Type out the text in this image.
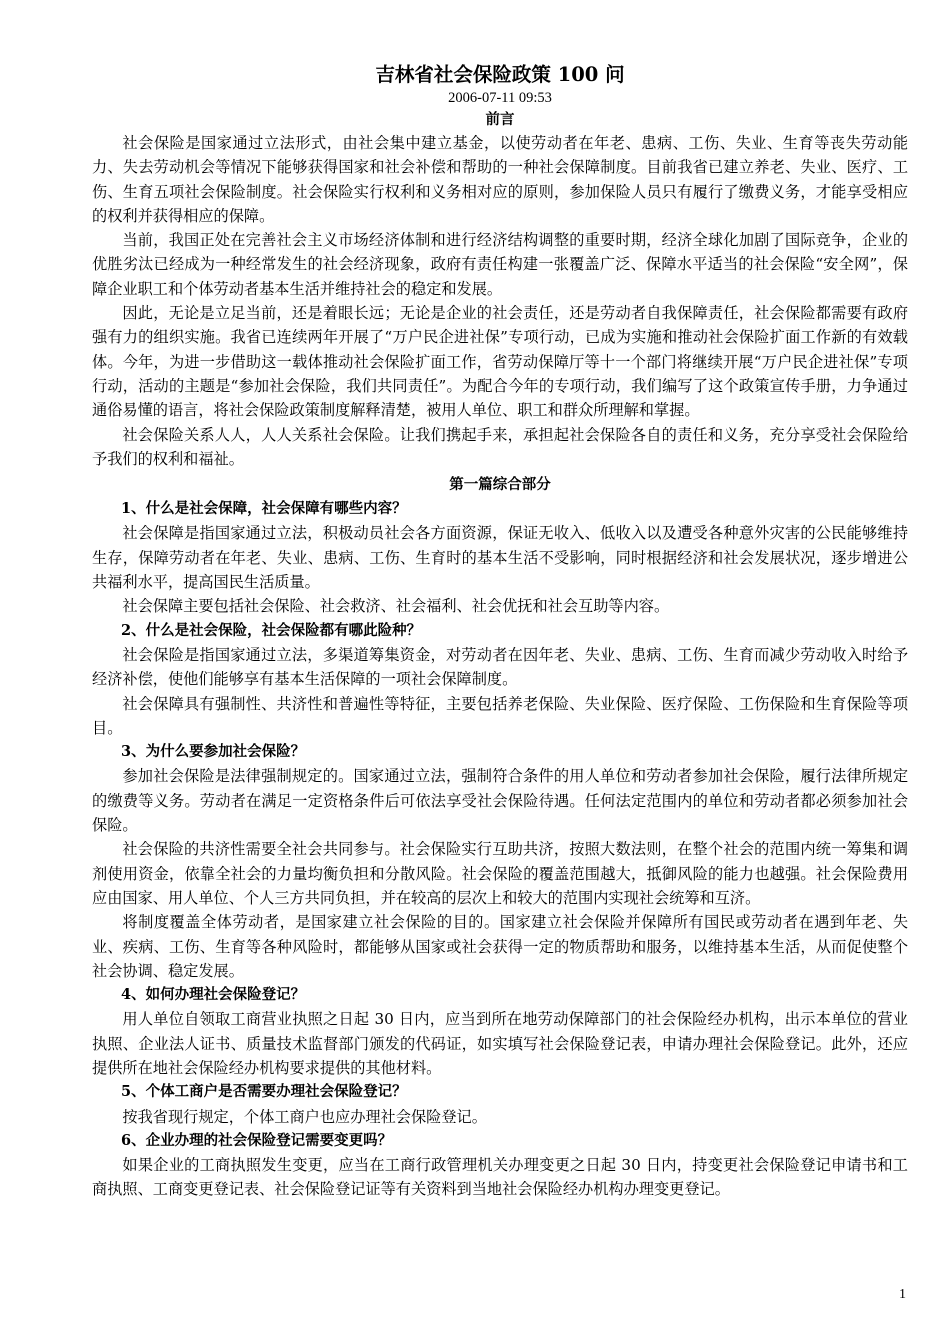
吉林省社会保险政策 100 问
2006-07-11 09:53
前言

社会保险是国家通过立法形式，由社会集中建立基金，以使劳动者在年老、患病、工伤、失业、生育等丧失劳动能力、失去劳动机会等情况下能够获得国家和社会补偿和帮助的一种社会保障制度。目前我省已建立养老、失业、医疗、工伤、生育五项社会保险制度。社会保险实行权利和义务相对应的原则，参加保险人员只有履行了缴费义务，才能享受相应的权利并获得相应的保障。

当前，我国正处在完善社会主义市场经济体制和进行经济结构调整的重要时期，经济全球化加剧了国际竞争，企业的优胜劣汰已经成为一种经常发生的社会经济现象，政府有责任构建一张覆盖广泛、保障水平适当的社会保险“安全网”，保障企业职工和个体劳动者基本生活并维持社会的稳定和发展。

因此，无论是立足当前，还是着眼长远；无论是企业的社会责任，还是劳动者自我保障责任，社会保险都需要有政府强有力的组织实施。我省已连续两年开展了“万户民企进社保”专项行动，已成为实施和推动社会保险扩面工作新的有效载体。今年，为进一步借助这一载体推动社会保险扩面工作，省劳动保障厅等十一个部门将继续开展“万户民企进社保”专项行动，活动的主题是“参加社会保险，我们共同责任”。为配合今年的专项行动，我们编写了这个政策宣传手册，力争通过通俗易懂的语言，将社会保险政策制度解释清楚，被用人单位、职工和群众所理解和掌握。

社会保险关系人人，人人关系社会保险。让我们携起手来，承担起社会保险各自的责任和义务，充分享受社会保险给予我们的权利和福祉。

第一篇综合部分

1、什么是社会保障，社会保障有哪些内容？

社会保障是指国家通过立法，积极动员社会各方面资源，保证无收入、低收入以及遭受各种意外灾害的公民能够维持生存，保障劳动者在年老、失业、患病、工伤、生育时的基本生活不受影响，同时根据经济和社会发展状况，逐步增进公共福利水平，提高国民生活质量。

社会保障主要包括社会保险、社会救济、社会福利、社会优抚和社会互助等内容。

2、什么是社会保险，社会保险都有哪此险种？

社会保险是指国家通过立法，多渠道筹集资金，对劳动者在因年老、失业、患病、工伤、生育而减少劳动收入时给予经济补偿，使他们能够享有基本生活保障的一项社会保障制度。

社会保障具有强制性、共济性和普遍性等特征，主要包括养老保险、失业保险、医疗保险、工伤保险和生育保险等项目。

3、为什么要参加社会保险？

参加社会保险是法律强制规定的。国家通过立法，强制符合条件的用人单位和劳动者参加社会保险，履行法律所规定的缴费等义务。劳动者在满足一定资格条件后可依法享受社会保险待遇。任何法定范围内的单位和劳动者都必须参加社会保险。

社会保险的共济性需要全社会共同参与。社会保险实行互助共济，按照大数法则，在整个社会的范围内统一筹集和调剂使用资金，依靠全社会的力量均衡负担和分散风险。社会保险的覆盖范围越大，抵御风险的能力也越强。社会保险费用应由国家、用人单位、个人三方共同负担，并在较高的层次上和较大的范围内实现社会统筹和互济。

将制度覆盖全体劳动者，是国家建立社会保险的目的。国家建立社会保险并保障所有国民或劳动者在遇到年老、失业、疾病、工伤、生育等各种风险时，都能够从国家或社会获得一定的物质帮助和服务，以维持基本生活，从而促使整个社会协调、稳定发展。

4、如何办理社会保险登记？

用人单位自领取工商营业执照之日起 30 日内，应当到所在地劳动保障部门的社会保险经办机构，出示本单位的营业执照、企业法人证书、质量技术监督部门颁发的代码证，如实填写社会保险登记表，申请办理社会保险登记。此外，还应提供所在地社会保险经办机构要求提供的其他材料。

5、个体工商户是否需要办理社会保险登记？

按我省现行规定，个体工商户也应办理社会保险登记。

6、企业办理的社会保险登记需要变更吗？

如果企业的工商执照发生变更，应当在工商行政管理机关办理变更之日起 30 日内，持变更社会保险登记申请书和工商执照、工商变更登记表、社会保险登记证等有关资料到当地社会保险经办机构办理变更登记。

1
